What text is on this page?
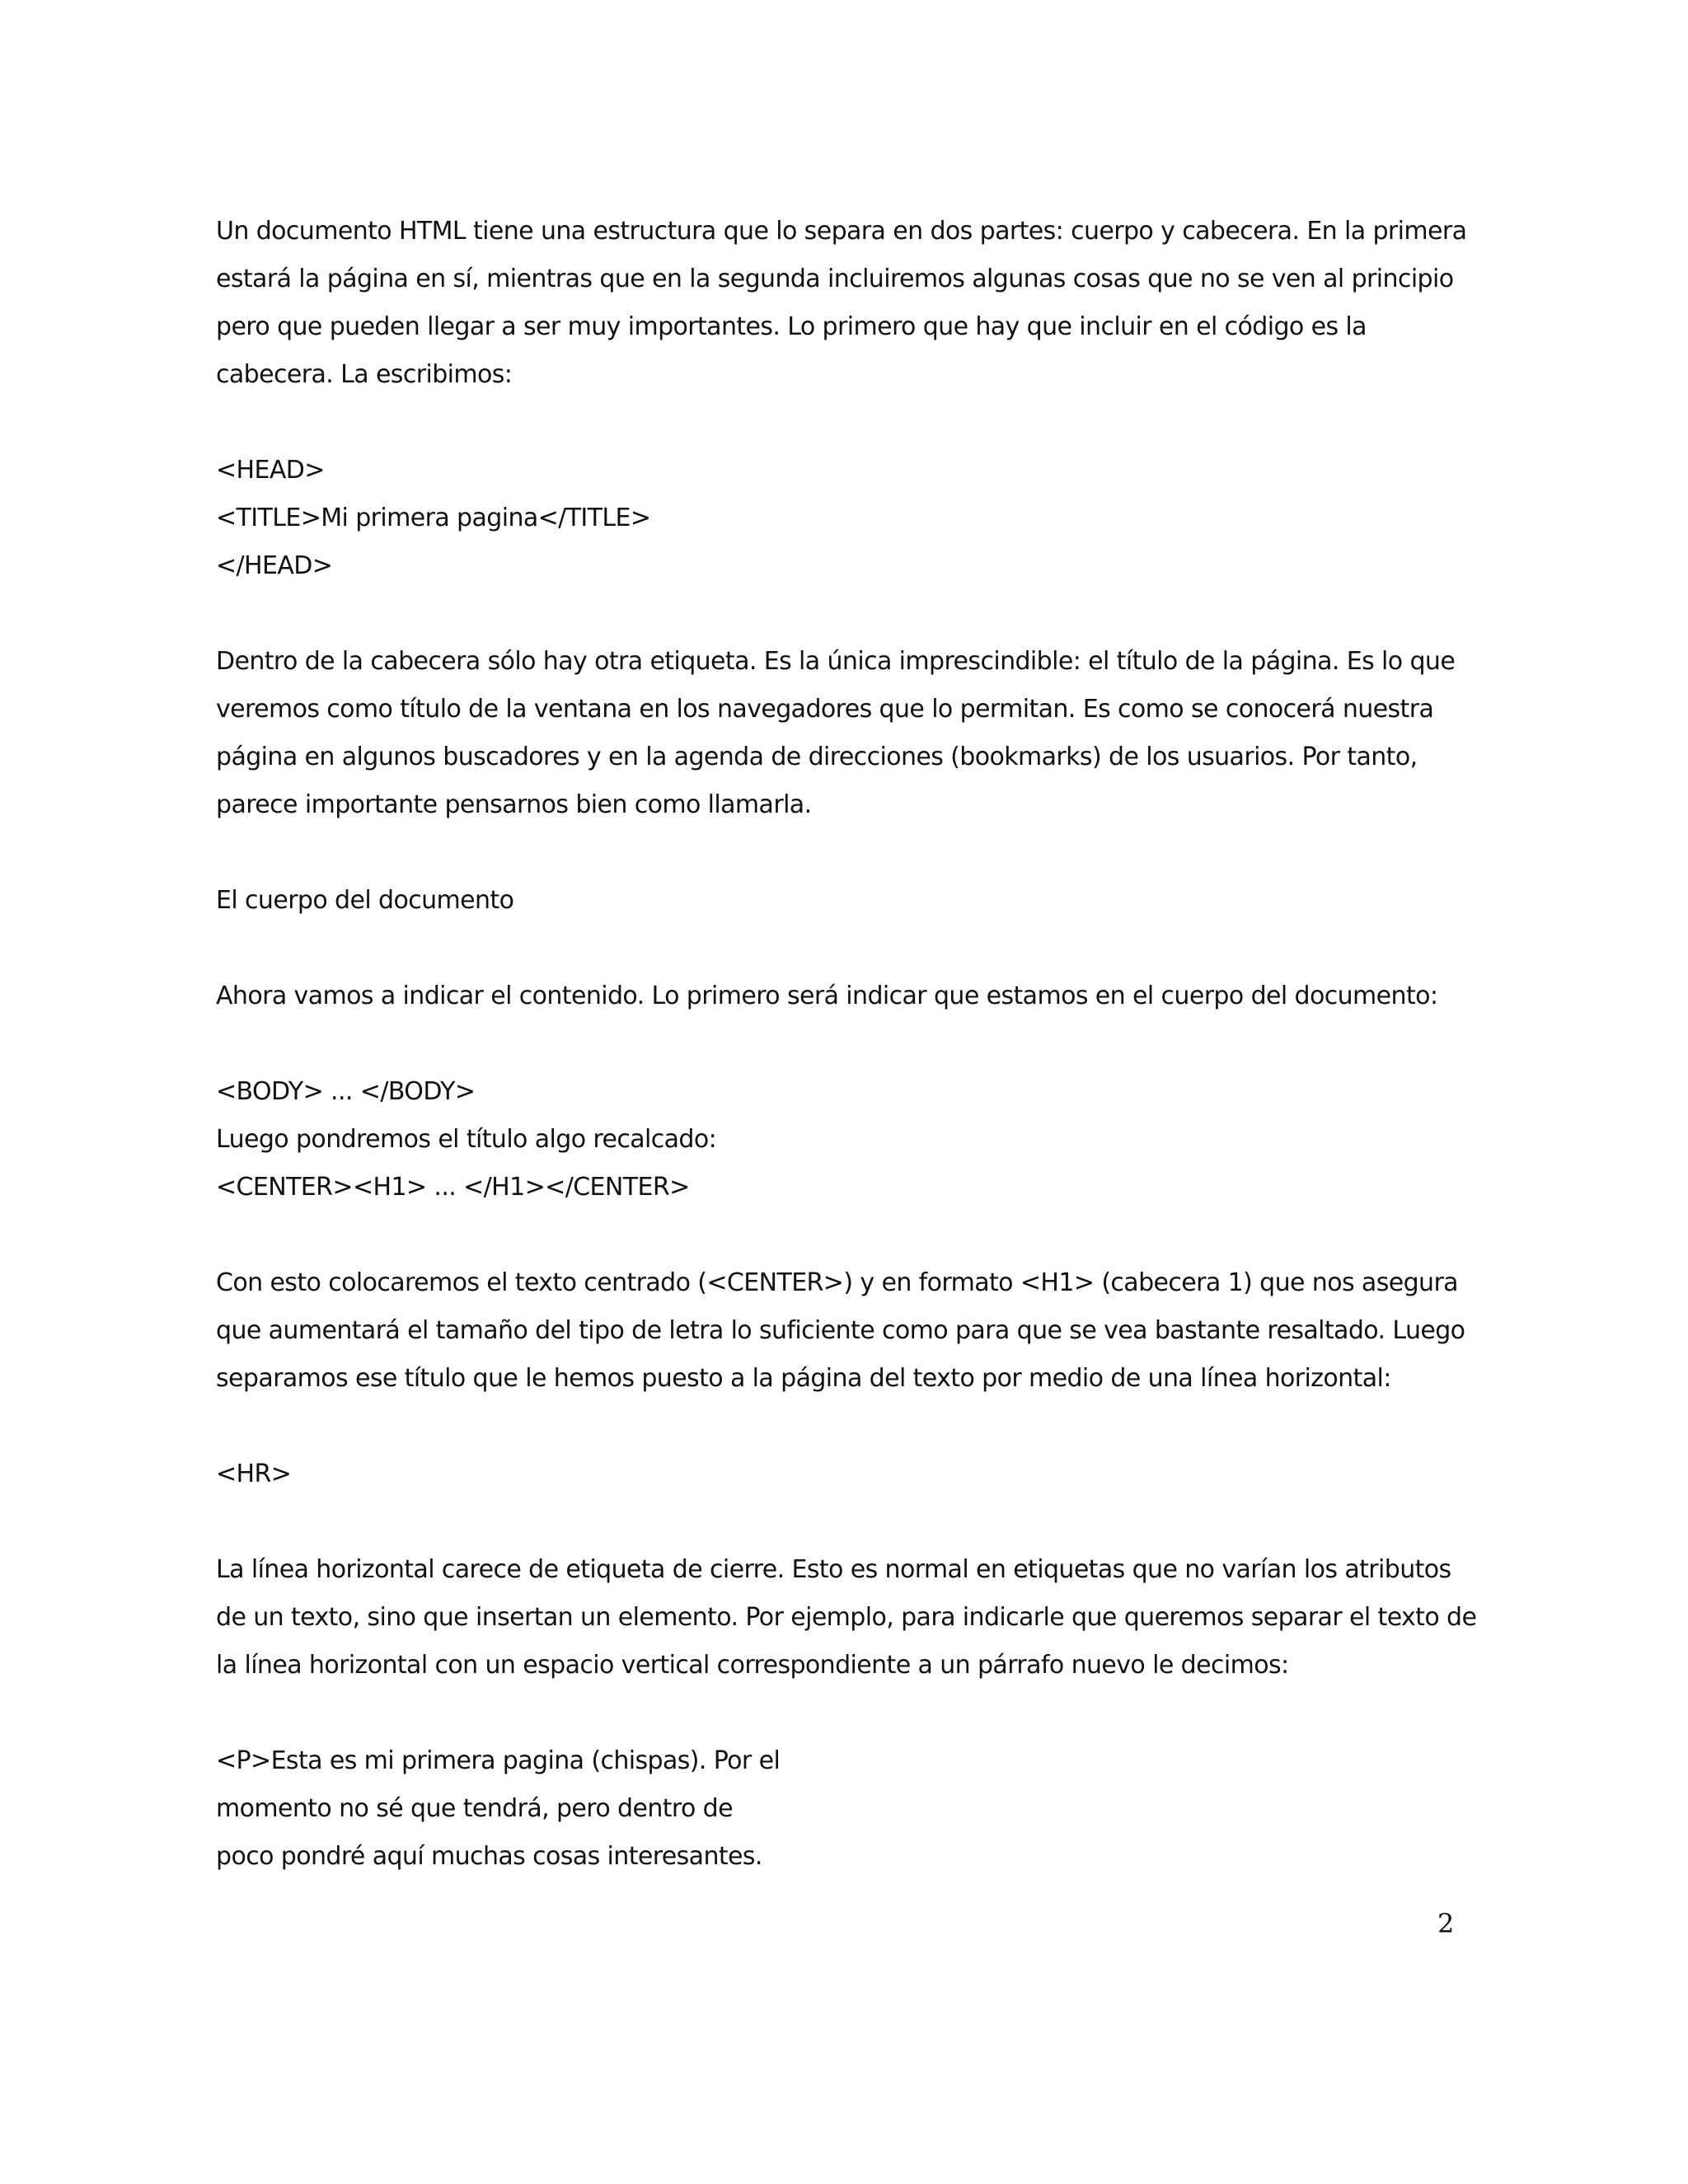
Un documento HTML tiene una estructura que lo separa en dos partes: cuerpo y cabecera. En la primera
estará la página en sí, mientras que en la segunda incluiremos algunas cosas que no se ven al principio
pero que pueden llegar a ser muy importantes. Lo primero que hay que incluir en el código es la
cabecera. La escribimos:
<HEAD>
<TITLE>Mi primera pagina</TITLE>
</HEAD>
Dentro de la cabecera sólo hay otra etiqueta. Es la única imprescindible: el título de la página. Es lo que
veremos como título de la ventana en los navegadores que lo permitan. Es como se conocerá nuestra
página en algunos buscadores y en la agenda de direcciones (bookmarks) de los usuarios. Por tanto,
parece importante pensarnos bien como llamarla.
El cuerpo del documento
Ahora vamos a indicar el contenido. Lo primero será indicar que estamos en el cuerpo del documento:
<BODY> ... </BODY>
Luego pondremos el título algo recalcado:
<CENTER><H1> ... </H1></CENTER>
Con esto colocaremos el texto centrado (<CENTER>) y en formato <H1> (cabecera 1) que nos asegura
que aumentará el tamaño del tipo de letra lo suficiente como para que se vea bastante resaltado. Luego
separamos ese título que le hemos puesto a la página del texto por medio de una línea horizontal:
<HR>
La línea horizontal carece de etiqueta de cierre. Esto es normal en etiquetas que no varían los atributos
de un texto, sino que insertan un elemento. Por ejemplo, para indicarle que queremos separar el texto de
la línea horizontal con un espacio vertical correspondiente a un párrafo nuevo le decimos:
<P>Esta es mi primera pagina (chispas). Por el
momento no sé que tendrá, pero dentro de
poco pondré aquí muchas cosas interesantes.
2
